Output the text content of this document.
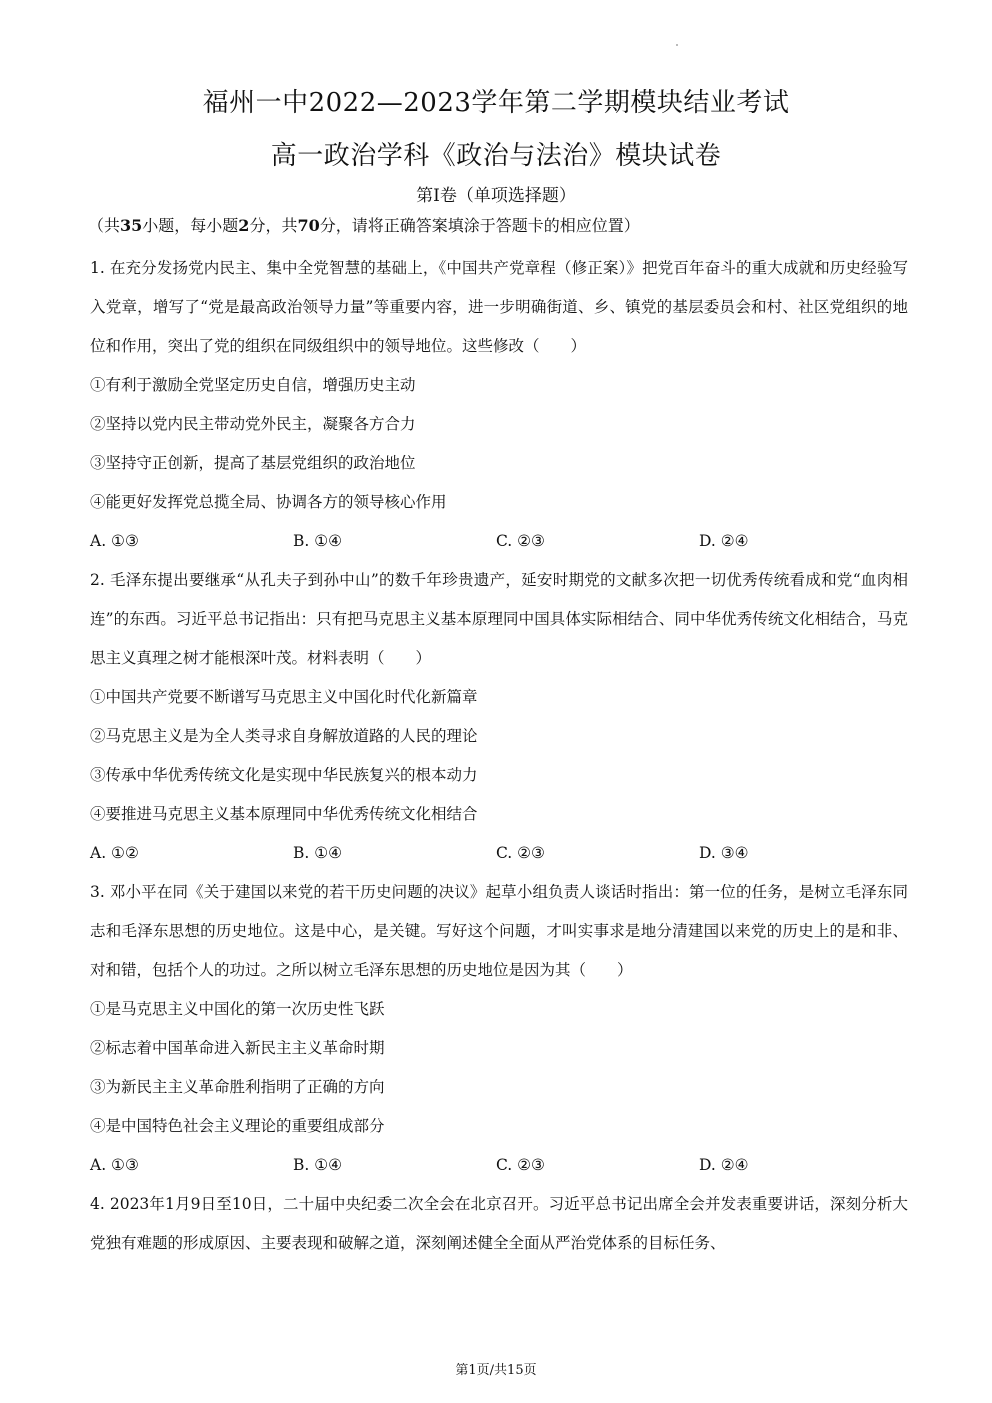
福州一中2022—2023学年第二学期模块结业考试
高一政治学科《政治与法治》模块试卷
第Ⅰ卷（单项选择题）
（共35小题，每小题2分，共70分，请将正确答案填涂于答题卡的相应位置）

1. 在充分发扬党内民主、集中全党智慧的基础上，《中国共产党章程（修正案）》把党百年奋斗的重大成就和历史经验写入党章，增写了“党是最高政治领导力量”等重要内容，进一步明确街道、乡、镇党的基层委员会和村、社区党组织的地位和作用，突出了党的组织在同级组织中的领导地位。这些修改（　　）

①有利于激励全党坚定历史自信，增强历史主动

②坚持以党内民主带动党外民主，凝聚各方合力

③坚持守正创新，提高了基层党组织的政治地位

④能更好发挥党总揽全局、协调各方的领导核心作用

A. ①③	B. ①④	C. ②③	D. ②④

2. 毛泽东提出要继承“从孔夫子到孙中山”的数千年珍贵遗产，延安时期党的文献多次把一切优秀传统看成和党“血肉相连”的东西。习近平总书记指出：只有把马克思主义基本原理同中国具体实际相结合、同中华优秀传统文化相结合，马克思主义真理之树才能根深叶茂。材料表明（　　）

①中国共产党要不断谱写马克思主义中国化时代化新篇章

②马克思主义是为全人类寻求自身解放道路的人民的理论

③传承中华优秀传统文化是实现中华民族复兴的根本动力

④要推进马克思主义基本原理同中华优秀传统文化相结合

A. ①②	B. ①④	C. ②③	D. ③④

3. 邓小平在同《关于建国以来党的若干历史问题的决议》起草小组负责人谈话时指出：第一位的任务，是树立毛泽东同志和毛泽东思想的历史地位。这是中心，是关键。写好这个问题，才叫实事求是地分清建国以来党的历史上的是和非、对和错，包括个人的功过。之所以树立毛泽东思想的历史地位是因为其（　　）

①是马克思主义中国化的第一次历史性飞跃

②标志着中国革命进入新民主主义革命时期

③为新民主主义革命胜利指明了正确的方向

④是中国特色社会主义理论的重要组成部分

A. ①③	B. ①④	C. ②③	D. ②④

4. 2023年1月9日至10日，二十届中央纪委二次全会在北京召开。习近平总书记出席全会并发表重要讲话，深刻分析大党独有难题的形成原因、主要表现和破解之道，深刻阐述健全全面从严治党体系的目标任务、

第1页/共15页
